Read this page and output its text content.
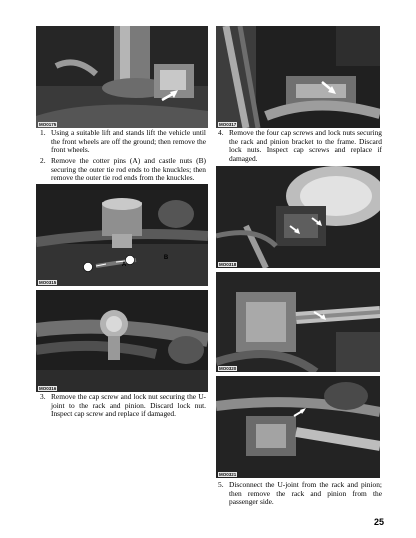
MO0175	MO0317
1. Using a suitable lift and stands lift the vehicle until the front wheels are off the ground; then remove the front wheels.
4. Remove the four cap screws and lock nuts securing the rack and pinion bracket to the frame. Discard lock nuts. Inspect cap screws and replace if damaged.
2. Remove the cotter pins (A) and castle nuts (B) securing the outer tie rod ends to the knuckles; then remove the outer tie rod ends from the knuckles.
A
B
MO0315
MO0318
MO0320
MO0316
3. Remove the cap screw and lock nut securing the U-joint to the rack and pinion. Discard lock nut. Inspect cap screw and replace if damaged.
MO0321
5. Disconnect the U-joint from the rack and pinion; then remove the rack and pinion from the passenger side.
25
